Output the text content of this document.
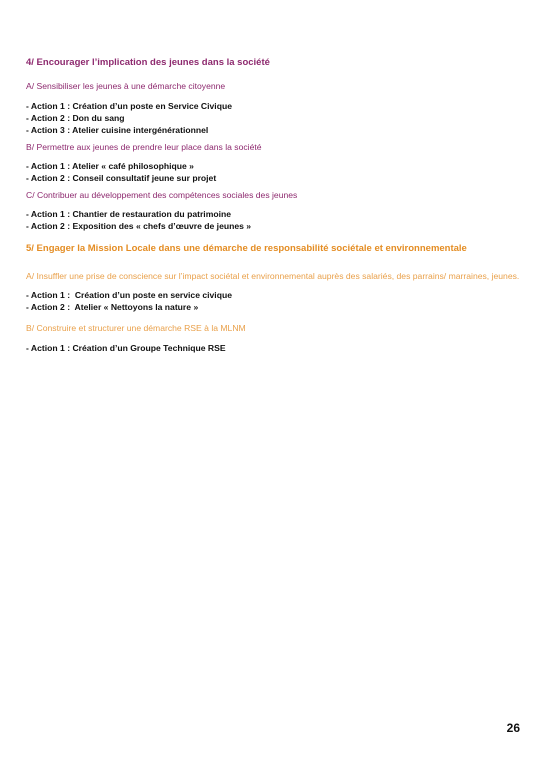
4/ Encourager l’implication des jeunes dans la société

A/ Sensibiliser les jeunes à une démarche citoyenne

- Action 1 : Création d’un poste en Service Civique
- Action 2 : Don du sang
- Action 3 : Atelier cuisine intergénérationnel

B/ Permettre aux jeunes de prendre leur place dans la société

- Action 1 : Atelier « café philosophique »
- Action 2 : Conseil consultatif jeune sur projet

C/ Contribuer au développement des compétences sociales des jeunes

- Action 1 : Chantier de restauration du patrimoine
- Action 2 : Exposition des « chefs d’œuvre de jeunes »

5/ Engager la Mission Locale dans une démarche de responsabilité sociétale et environnementale

A/ Insuffler une prise de conscience sur l’impact sociétal et environnemental auprès des salariés, des parrains/ marraines, jeunes.

- Action 1 :  Création d’un poste en service civique
- Action 2 :  Atelier « Nettoyons la nature »

B/ Construire et structurer une démarche RSE à la MLNM

- Action 1 : Création d’un Groupe Technique RSE
26
